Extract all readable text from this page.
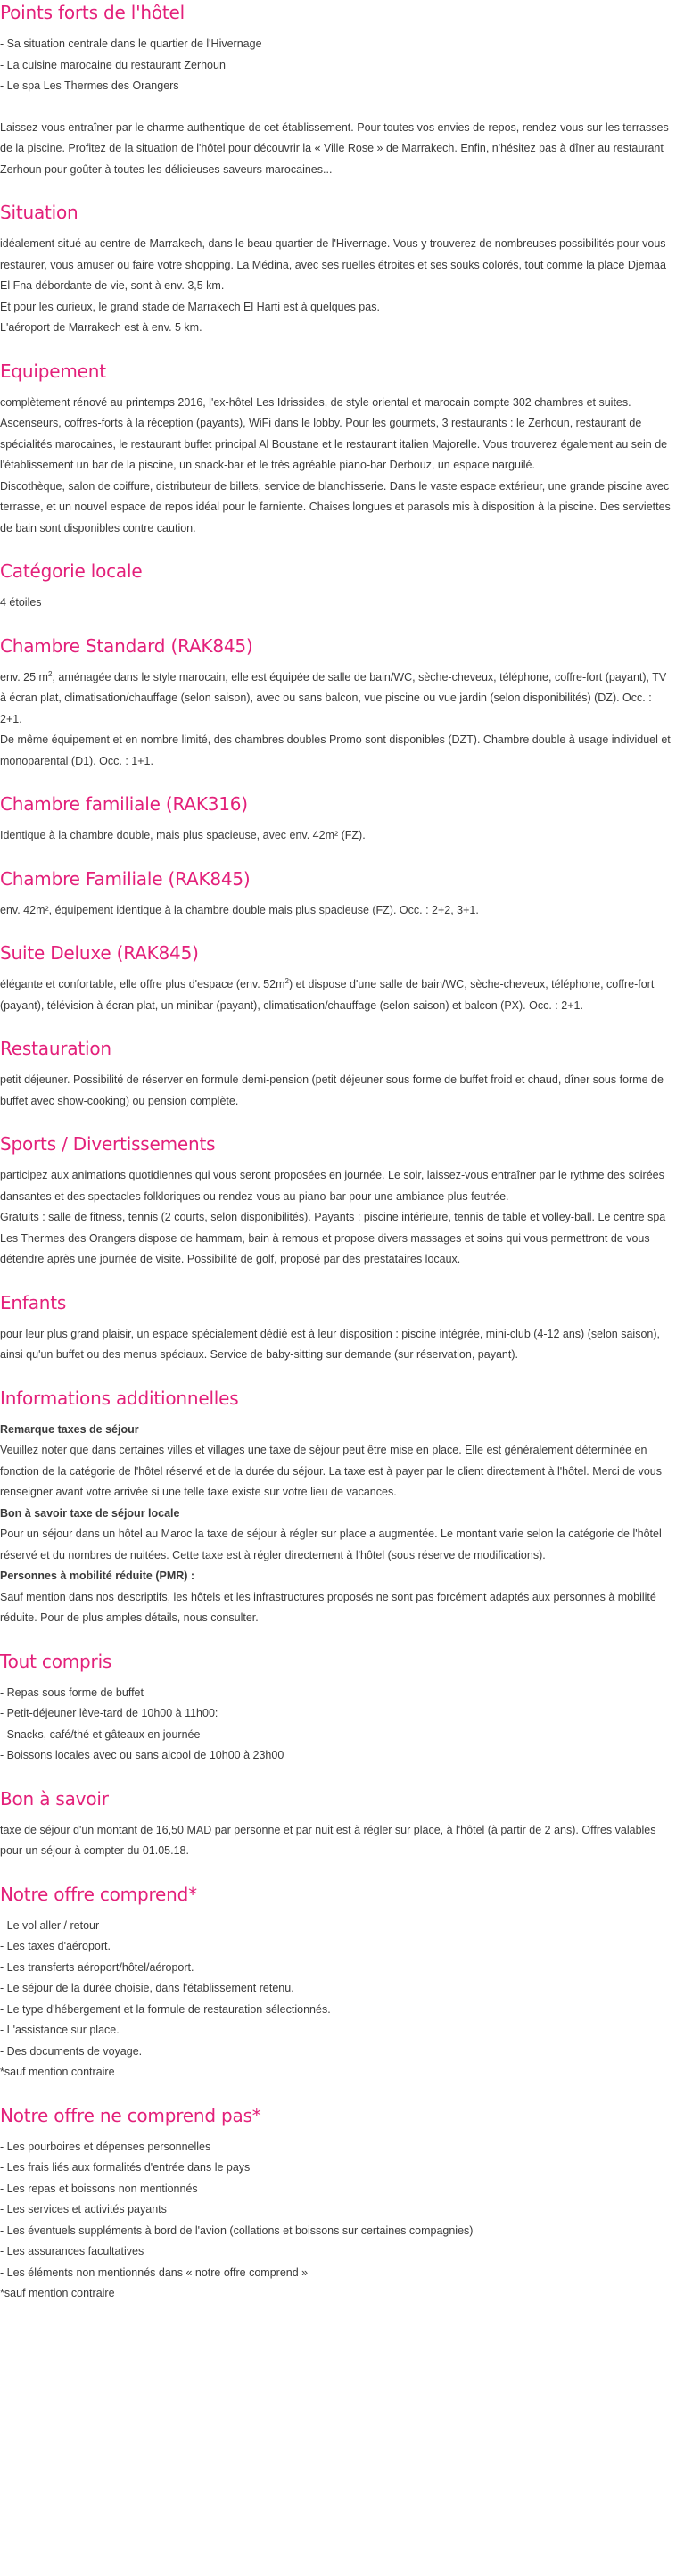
Points forts de l'hôtel
- Sa situation centrale dans le quartier de l'Hivernage
- La cuisine marocaine du restaurant Zerhoun
- Le spa Les Thermes des Orangers

Laissez-vous entraîner par le charme authentique de cet établissement. Pour toutes vos envies de repos, rendez-vous sur les terrasses de la piscine. Profitez de la situation de l'hôtel pour découvrir la « Ville Rose » de Marrakech. Enfin, n'hésitez pas à dîner au restaurant Zerhoun pour goûter à toutes les délicieuses saveurs marocaines...

Situation

idéalement situé au centre de Marrakech, dans le beau quartier de l'Hivernage. Vous y trouverez de nombreuses possibilités pour vous restaurer, vous amuser ou faire votre shopping. La Médina, avec ses ruelles étroites et ses souks colorés, tout comme la place Djemaa El Fna débordante de vie, sont à env. 3,5 km.

Et pour les curieux, le grand stade de Marrakech El Harti est à quelques pas.

L'aéroport de Marrakech est à env. 5 km.

Equipement

complètement rénové au printemps 2016, l'ex-hôtel Les Idrissides, de style oriental et marocain compte 302 chambres et suites. Ascenseurs, coffres-forts à la réception (payants), WiFi dans le lobby. Pour les gourmets, 3 restaurants : le Zerhoun, restaurant de spécialités marocaines, le restaurant buffet principal Al Boustane et le restaurant italien Majorelle. Vous trouverez également au sein de l'établissement un bar de la piscine, un snack-bar et le très agréable piano-bar Derbouz, un espace narguilé.

Discothèque, salon de coiffure, distributeur de billets, service de blanchisserie. Dans le vaste espace extérieur, une grande piscine avec terrasse, et un nouvel espace de repos idéal pour le farniente. Chaises longues et parasols mis à disposition à la piscine. Des serviettes de bain sont disponibles contre caution.

Catégorie locale

4 étoiles

Chambre Standard (RAK845)

env. 25 $m^2$, aménagée dans le style marocain, elle est équipée de salle de bain/WC, sèche-cheveux, téléphone, coffre-fort (payant), TV à écran plat, climatisation/chauffage (selon saison), avec ou sans balcon, vue piscine ou vue jardin (selon disponibilités) (DZ). Occ. : 2+1.

De même équipement et en nombre limité, des chambres doubles Promo sont disponibles (DZT). Chambre double à usage individuel et monoparental (D1). Occ. : 1+1.

Chambre familiale (RAK316)

Identique à la chambre double, mais plus spacieuse, avec env. 42m² (FZ).

Chambre Familiale (RAK845)

env. 42m², équipement identique à la chambre double mais plus spacieuse (FZ). Occ. : 2+2, 3+1.

Suite Deluxe (RAK845)

élégante et confortable, elle offre plus d'espace (env. $52m^2$) et dispose d'une salle de bain/WC, sèche-cheveux, téléphone, coffre-fort (payant), télévision à écran plat, un minibar (payant), climatisation/chauffage (selon saison) et balcon (PX). Occ. : 2+1.

Restauration

petit déjeuner. Possibilité de réserver en formule demi-pension (petit déjeuner sous forme de buffet froid et chaud, dîner sous forme de buffet avec show-cooking) ou pension complète.

Sports / Divertissements

participez aux animations quotidiennes qui vous seront proposées en journée. Le soir, laissez-vous entraîner par le rythme des soirées dansantes et des spectacles folkloriques ou rendez-vous au piano-bar pour une ambiance plus feutrée.

Gratuits : salle de fitness, tennis (2 courts, selon disponibilités). Payants : piscine intérieure, tennis de table et volley-ball. Le centre spa Les Thermes des Orangers dispose de hammam, bain à remous et propose divers massages et soins qui vous permettront de vous détendre après une journée de visite. Possibilité de golf, proposé par des prestataires locaux.

Enfants

pour leur plus grand plaisir, un espace spécialement dédié est à leur disposition : piscine intégrée, mini-club (4-12 ans) (selon saison), ainsi qu'un buffet ou des menus spéciaux. Service de baby-sitting sur demande (sur réservation, payant).

Informations additionnelles

Remarque taxes de séjour

Veuillez noter que dans certaines villes et villages une taxe de séjour peut être mise en place. Elle est généralement déterminée en fonction de la catégorie de l'hôtel réservé et de la durée du séjour. La taxe est à payer par le client directement à l'hôtel. Merci de vous renseigner avant votre arrivée si une telle taxe existe sur votre lieu de vacances.

Bon à savoir taxe de séjour locale

Pour un séjour dans un hôtel au Maroc la taxe de séjour à régler sur place a augmentée. Le montant varie selon la catégorie de l'hôtel réservé et du nombres de nuitées. Cette taxe est à régler directement à l'hôtel (sous réserve de modifications).

Personnes à mobilité réduite (PMR) :

Sauf mention dans nos descriptifs, les hôtels et les infrastructures proposés ne sont pas forcément adaptés aux personnes à mobilité réduite. Pour de plus amples détails, nous consulter.

Tout compris
- Repas sous forme de buffet
- Petit-déjeuner lève-tard de 10h00 à 11h00:
- Snacks, café/thé et gâteaux en journée
- Boissons locales avec ou sans alcool de 10h00 à 23h00
Bon à savoir

taxe de séjour d'un montant de 16,50 MAD par personne et par nuit est à régler sur place, à l'hôtel (à partir de 2 ans). Offres valables pour un séjour à compter du 01.05.18.

Notre offre comprend*
- Le vol aller / retour
- Les taxes d'aéroport.
- Les transferts aéroport/hôtel/aéroport.
- Le séjour de la durée choisie, dans l'établissement retenu.
- Le type d'hébergement et la formule de restauration sélectionnés.
- L'assistance sur place.
- Des documents de voyage.
*sauf mention contraire
Notre offre ne comprend pas*
- Les pourboires et dépenses personnelles
- Les frais liés aux formalités d'entrée dans le pays
- Les repas et boissons non mentionnés
- Les services et activités payants
- Les éventuels suppléments à bord de l'avion (collations et boissons sur certaines compagnies)
- Les assurances facultatives
- Les éléments non mentionnés dans « notre offre comprend »
*sauf mention contraire
